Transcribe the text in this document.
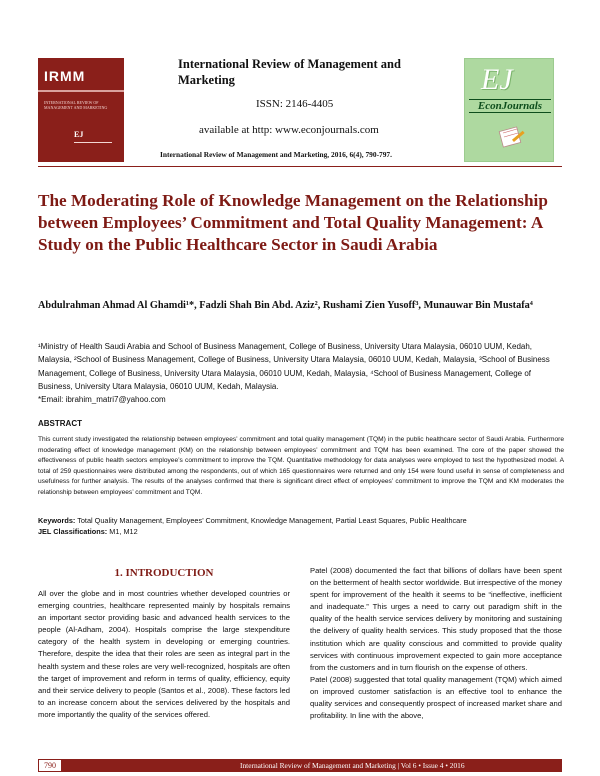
IRMM
INTERNATIONAL REVIEW OF MANAGEMENT AND MARKETING
EJ
International Review of Management and Marketing
ISSN: 2146-4405
available at http: www.econjournals.com
International Review of Management and Marketing, 2016, 6(4), 790-797.
EJ
EconJournals
The Moderating Role of Knowledge Management on the Relationship between Employees’ Commitment and Total Quality Management: A Study on the Public Healthcare Sector in Saudi Arabia
Abdulrahman Ahmad Al Ghamdi¹*, Fadzli Shah Bin Abd. Aziz², Rushami Zien Yusoff³, Munauwar Bin Mustafa⁴
¹Ministry of Health Saudi Arabia and School of Business Management, College of Business, University Utara Malaysia, 06010 UUM, Kedah, Malaysia, ²School of Business Management, College of Business, University Utara Malaysia, 06010 UUM, Kedah, Malaysia, ³School of Business Management, College of Business, University Utara Malaysia, 06010 UUM, Kedah, Malaysia, ⁴School of Business Management, College of Business, University Utara Malaysia, 06010 UUM, Kedah, Malaysia.
*Email: ibrahim_matri7@yahoo.com
ABSTRACT
This current study investigated the relationship between employees’ commitment and total quality management (TQM) in the public healthcare sector of Saudi Arabia. Furthermore moderating effect of knowledge management (KM) on the relationship between employees’ commitment and TQM has been examined. The core of the paper showed the effectiveness of public health sectors employee’s commitment to improve the TQM. Quantitative methodology for data analyses were employed to test the hypothesized model. A total of 259 questionnaires were distributed among the respondents, out of which 165 questionnaires were returned and only 154 were found useful in sense of completeness and usefulness for further analysis. The results of the analyses confirmed that there is significant direct effect of employees’ commitment to improve the TQM and KM moderates the relationship between employees’ commitment and TQM.
Keywords: Total Quality Management, Employees’ Commitment, Knowledge Management, Partial Least Squares, Public Healthcare
JEL Classifications: M1, M12
1. INTRODUCTION

All over the globe and in most countries whether developed countries or emerging countries, healthcare represented mainly by hospitals remains an important sector providing basic and advanced health services to the people (Al-Adham, 2004). Hospitals comprise the large stexpenditure category of the health system in developing or emerging countries. Therefore, despite the idea that their roles are seen as integral part in the health system and these roles are very well-recognized, hospitals are often the target of improvement and reform in terms of quality, efficiency, equity and their service delivery to people (Santos et al., 2008). These factors led to an increase concern about the services delivered by the hospitals and more importantly the quality of the services offered.

Patel (2008) documented the fact that billions of dollars have been spent on the betterment of health sector worldwide. But irrespective of the money spent for improvement of the health it seems to be “ineffective, inefficient and inadequate.” This urges a need to carry out paradigm shift in the quality of the health service services delivery by monitoring and sustaining the delivery of quality health services. This study proposed that the those institution which are quality conscious and committed to provide quality services with continuous improvement expected to gain more acceptance from the customers and in turn flourish on the expense of others.

Patel (2008) suggested that total quality management (TQM) which aimed on improved customer satisfaction is an effective tool to enhance the quality services and consequently prospect of increased market share and profitability. In line with the above,

790	International Review of Management and Marketing | Vol 6 • Issue 4 • 2016
